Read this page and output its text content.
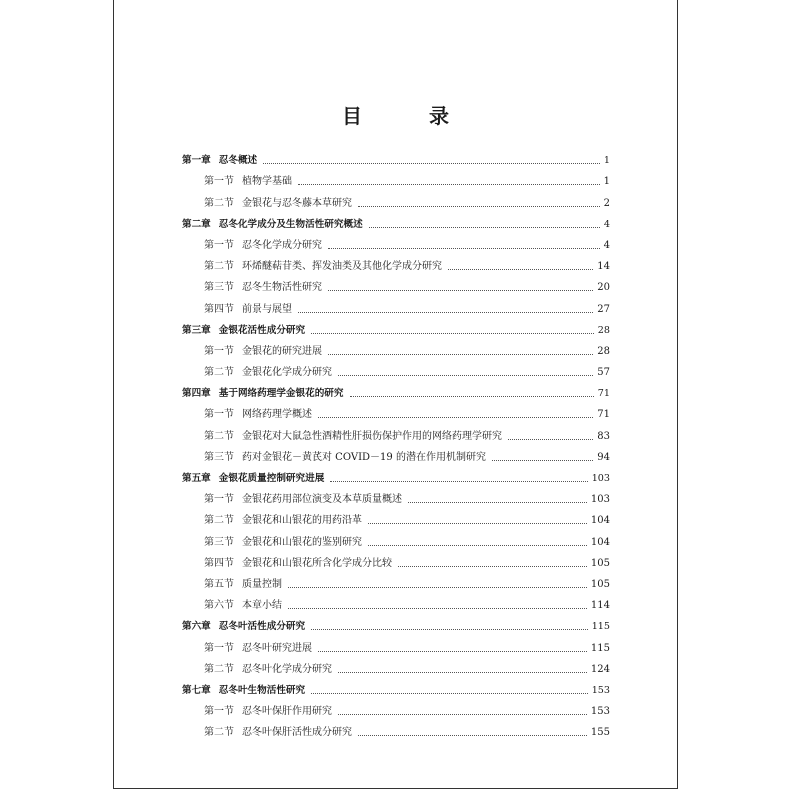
目 录
第一章 忍冬概述	1
第一节 植物学基础	1
第二节 金银花与忍冬藤本草研究	2
第二章 忍冬化学成分及生物活性研究概述	4
第一节 忍冬化学成分研究	4
第二节 环烯醚萜苷类、挥发油类及其他化学成分研究	14
第三节 忍冬生物活性研究	20
第四节 前景与展望	27
第三章 金银花活性成分研究	28
第一节 金银花的研究进展	28
第二节 金银花化学成分研究	57
第四章 基于网络药理学金银花的研究	71
第一节 网络药理学概述	71
第二节 金银花对大鼠急性酒精性肝损伤保护作用的网络药理学研究	83
第三节 药对金银花－黄芪对 COVID－19 的潜在作用机制研究	94
第五章 金银花质量控制研究进展	103
第一节 金银花药用部位演变及本草质量概述	103
第二节 金银花和山银花的用药沿革	104
第三节 金银花和山银花的鉴别研究	104
第四节 金银花和山银花所含化学成分比较	105
第五节 质量控制	105
第六节 本章小结	114
第六章 忍冬叶活性成分研究	115
第一节 忍冬叶研究进展	115
第二节 忍冬叶化学成分研究	124
第七章 忍冬叶生物活性研究	153
第一节 忍冬叶保肝作用研究	153
第二节 忍冬叶保肝活性成分研究	155
